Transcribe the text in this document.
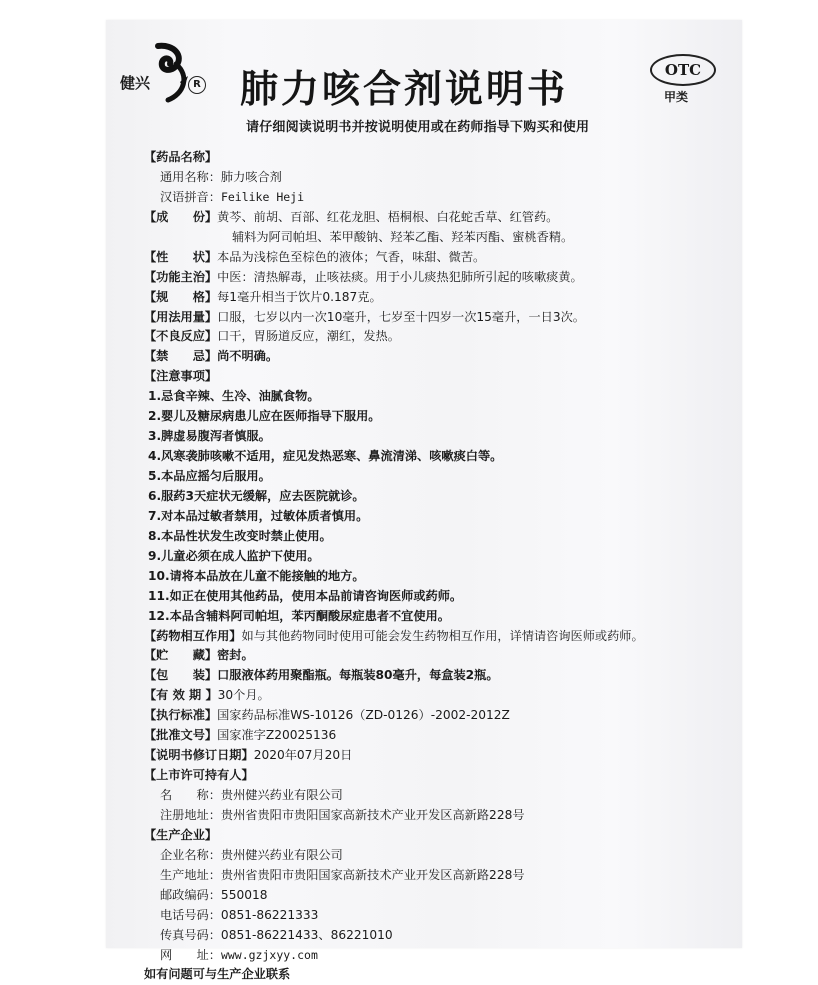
健兴	R 肺力咳合剂说明书	OTC
甲类
请仔细阅读说明书并按说明使用或在药师指导下购买和使用
【药品名称】
通用名称：肺力咳合剂
汉语拼音：Feilike Heji
【成　　份】黄芩、前胡、百部、红花龙胆、梧桐根、白花蛇舌草、红管药。
辅料为阿司帕坦、苯甲酸钠、羟苯乙酯、羟苯丙酯、蜜桃香精。
【性　　状】本品为浅棕色至棕色的液体；气香，味甜、微苦。
【功能主治】中医：清热解毒，止咳祛痰。用于小儿痰热犯肺所引起的咳嗽痰黄。
【规　　格】每1毫升相当于饮片0.187克。
【用法用量】口服，七岁以内一次10毫升，七岁至十四岁一次15毫升，一日3次。
【不良反应】口干，胃肠道反应，潮红，发热。
【禁　　忌】尚不明确。
【注意事项】
1.忌食辛辣、生冷、油腻食物。
2.婴儿及糖尿病患儿应在医师指导下服用。
3.脾虚易腹泻者慎服。
4.风寒袭肺咳嗽不适用，症见发热恶寒、鼻流清涕、咳嗽痰白等。
5.本品应摇匀后服用。
6.服药3天症状无缓解，应去医院就诊。
7.对本品过敏者禁用，过敏体质者慎用。
8.本品性状发生改变时禁止使用。
9.儿童必须在成人监护下使用。
10.请将本品放在儿童不能接触的地方。
11.如正在使用其他药品，使用本品前请咨询医师或药师。
12.本品含辅料阿司帕坦，苯丙酮酸尿症患者不宜使用。
【药物相互作用】如与其他药物同时使用可能会发生药物相互作用，详情请咨询医师或药师。
【贮　　藏】密封。
【包　　装】口服液体药用聚酯瓶。每瓶装80毫升，每盒装2瓶。
【有 效 期 】30个月。
【执行标准】国家药品标准WS-10126（ZD-0126）-2002-2012Z
【批准文号】国家准字Z20025136
【说明书修订日期】2020年07月20日
【上市许可持有人】
名　　称：贵州健兴药业有限公司
注册地址：贵州省贵阳市贵阳国家高新技术产业开发区高新路228号
【生产企业】
企业名称：贵州健兴药业有限公司
生产地址：贵州省贵阳市贵阳国家高新技术产业开发区高新路228号
邮政编码：550018
电话号码：0851-86221333
传真号码：0851-86221433、86221010
网　　址：www.gzjxyy.com
如有问题可与生产企业联系
